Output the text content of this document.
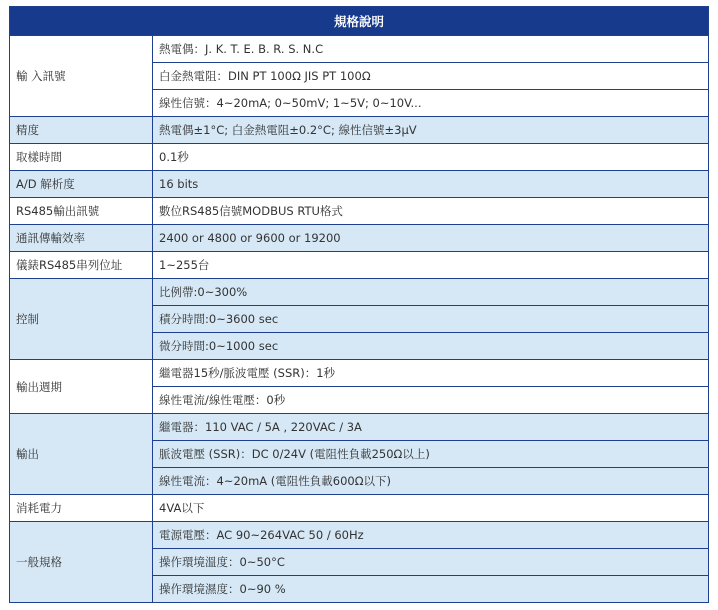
規格說明	
輸 入訊號	熱電偶：J. K. T. E. B. R. S. N.C
	白金熱電阻：DIN PT 100Ω JIS PT 100Ω
	線性信號：4~20mA; 0~50mV; 1~5V; 0~10V...
精度	熱電偶±1°C; 白金熱電阻±0.2°C; 線性信號±3μV
取樣時間	0.1秒
A/D 解析度	16 bits
RS485輸出訊號	數位RS485信號MODBUS RTU格式
通訊傳輸效率	2400 or 4800 or 9600 or 19200
儀錶RS485串列位址	1~255台
控制	比例帶:0~300%
	積分時間:0~3600 sec
	微分時間:0~1000 sec
輸出週期	繼電器15秒/脈波電壓 (SSR)：1秒
	線性電流/線性電壓：0秒
輸出	繼電器：110 VAC / 5A , 220VAC / 3A
	脈波電壓 (SSR)：DC 0/24V (電阻性負載250Ω以上)
	線性電流：4~20mA (電阻性負載600Ω以下)
消耗電力	4VA以下
一般規格	電源電壓：AC 90~264VAC 50 / 60Hz
	操作環境溫度：0~50°C
	操作環境濕度：0~90 %
